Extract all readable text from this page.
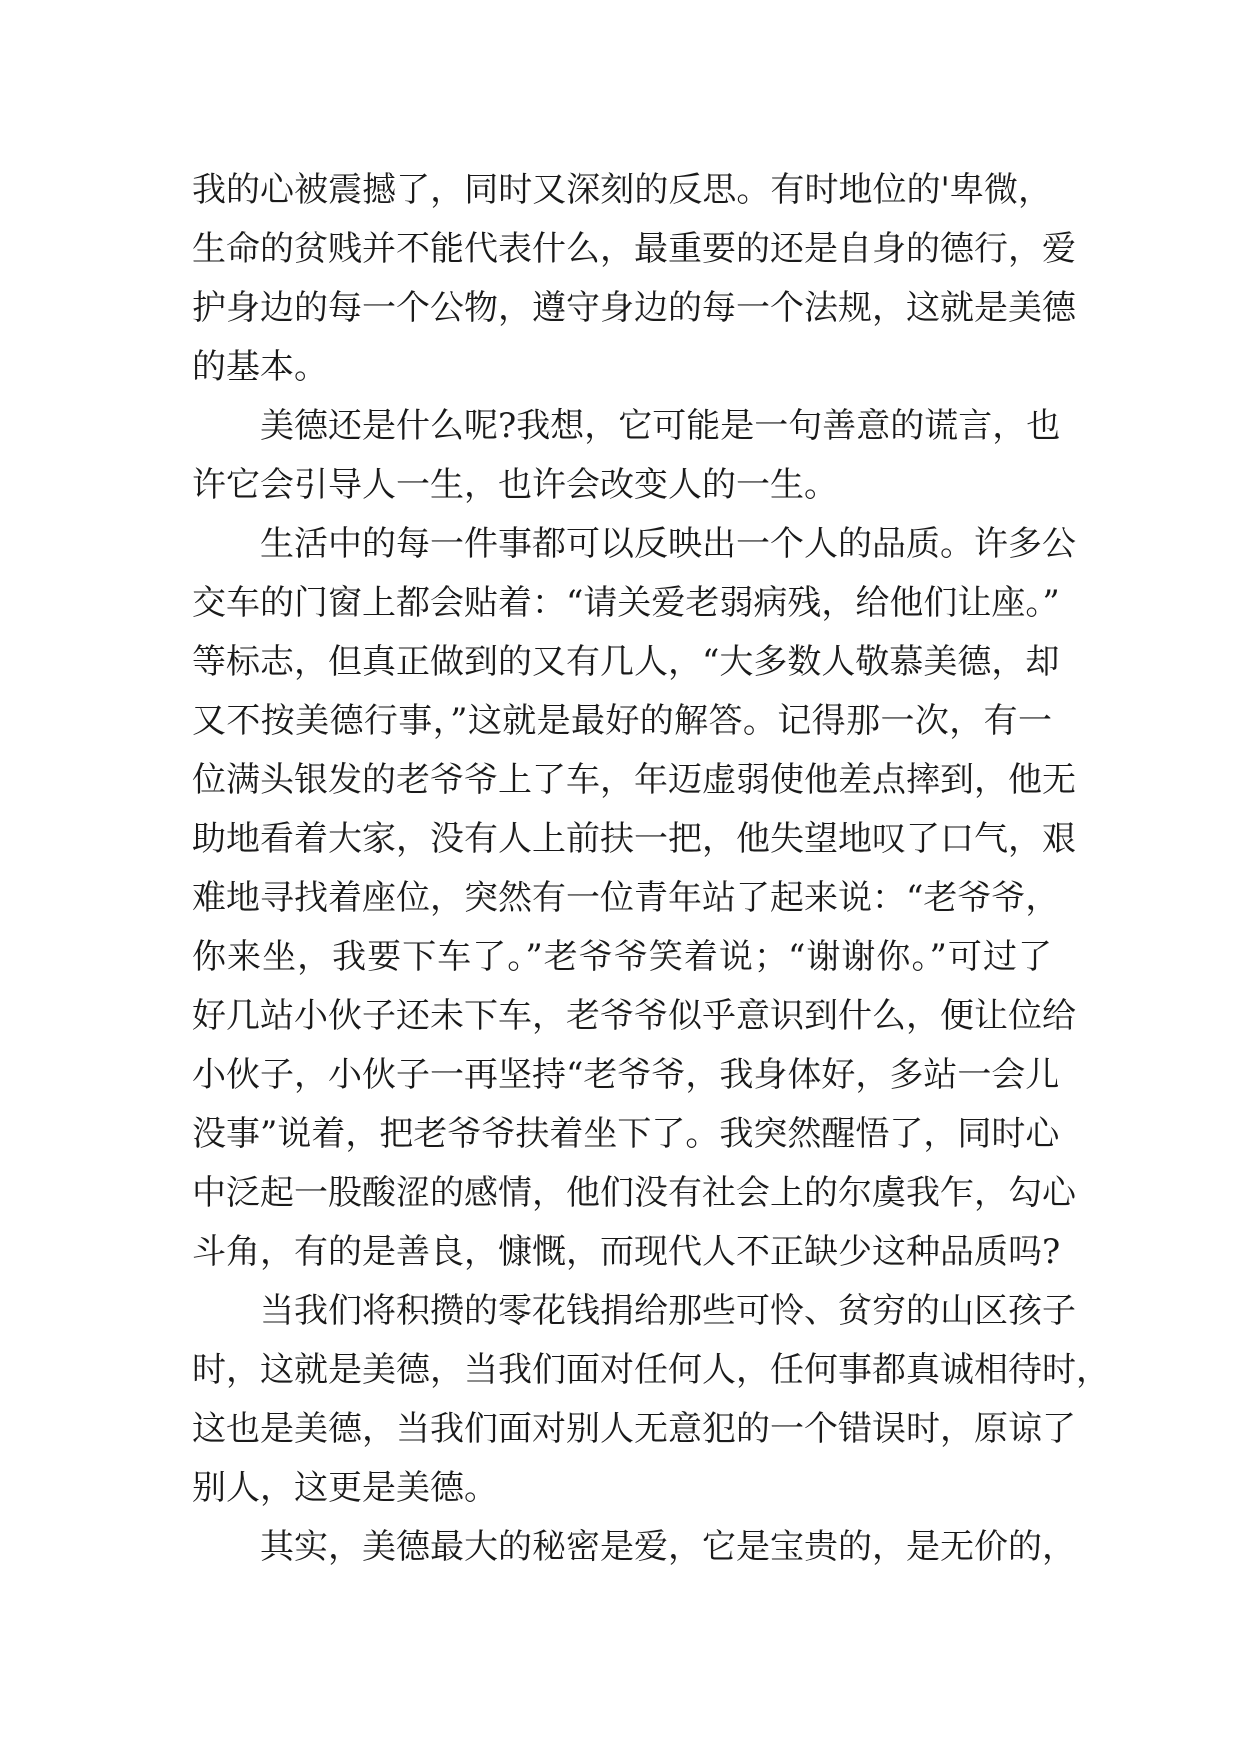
我的心被震撼了，同时又深刻的反思。有时地位的'卑微，
生命的贫贱并不能代表什么，最重要的还是自身的德行，爱
护身边的每一个公物，遵守身边的每一个法规，这就是美德
的基本。
美德还是什么呢?我想，它可能是一句善意的谎言，也
许它会引导人一生，也许会改变人的一生。
生活中的每一件事都可以反映出一个人的品质。许多公
交车的门窗上都会贴着：“请关爱老弱病残，给他们让座。”
等标志，但真正做到的又有几人，“大多数人敬慕美德，却
又不按美德行事，”这就是最好的解答。记得那一次，有一
位满头银发的老爷爷上了车，年迈虚弱使他差点摔到，他无
助地看着大家，没有人上前扶一把，他失望地叹了口气，艰
难地寻找着座位，突然有一位青年站了起来说：“老爷爷，
你来坐，我要下车了。”老爷爷笑着说；“谢谢你。”可过了
好几站小伙子还未下车，老爷爷似乎意识到什么，便让位给
小伙子，小伙子一再坚持“老爷爷，我身体好，多站一会儿
没事”说着，把老爷爷扶着坐下了。我突然醒悟了，同时心
中泛起一股酸涩的感情，他们没有社会上的尔虞我乍，勾心
斗角，有的是善良，慷慨，而现代人不正缺少这种品质吗?
当我们将积攒的零花钱捐给那些可怜、贫穷的山区孩子
时，这就是美德，当我们面对任何人，任何事都真诚相待时，
这也是美德，当我们面对别人无意犯的一个错误时，原谅了
别人，这更是美德。
其实，美德最大的秘密是爱，它是宝贵的，是无价的，
